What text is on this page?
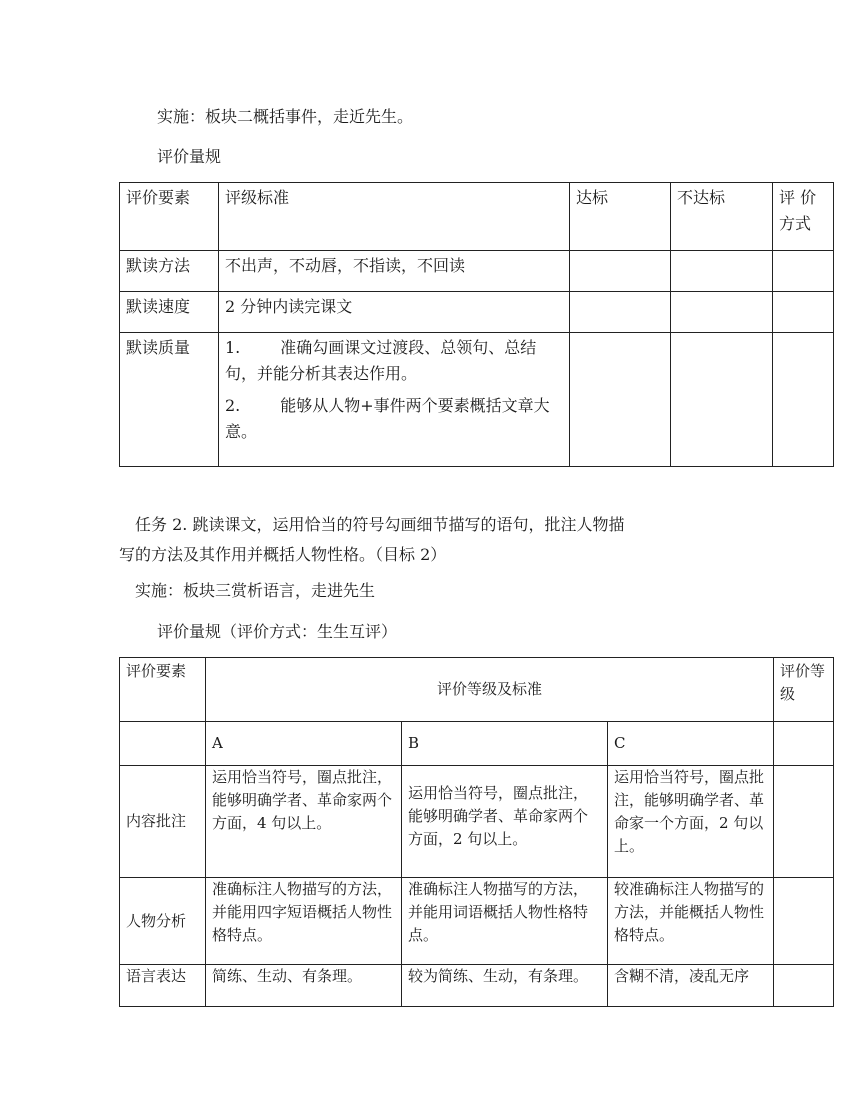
实施：板块二概括事件，走近先生。
评价量规
评价要素	评级标准	达标	不达标	评 价方式
默读方法	不出声，不动唇，不指读，不回读			
默读速度	2 分钟内读完课文			
默读质量	1. 准确勾画课文过渡段、总领句、总结句，并能分析其表达作用。
2. 能够从人物+事件两个要素概括文章大意。			

任务 2. 跳读课文，运用恰当的符号勾画细节描写的语句，批注人物描
写的方法及其作用并概括人物性格。（目标 2）
实施：板块三赏析语言，走进先生
评价量规（评价方式：生生互评）
评价要素	评价等级及标准			评价等级
	A	B	C	
内容批注	运用恰当符号，圈点批注，能够明确学者、革命家两个方面，4 句以上。	运用恰当符号，圈点批注，能够明确学者、革命家两个方面，2 句以上。	运用恰当符号，圈点批注，能够明确学者、革命家一个方面，2 句以上。	
人物分析	准确标注人物描写的方法，并能用四字短语概括人物性格特点。	准确标注人物描写的方法，并能用词语概括人物性格特点。	较准确标注人物描写的方法，并能概括人物性格特点。	
语言表达	简练、生动、有条理。	较为简练、生动，有条理。	含糊不清，凌乱无序	
